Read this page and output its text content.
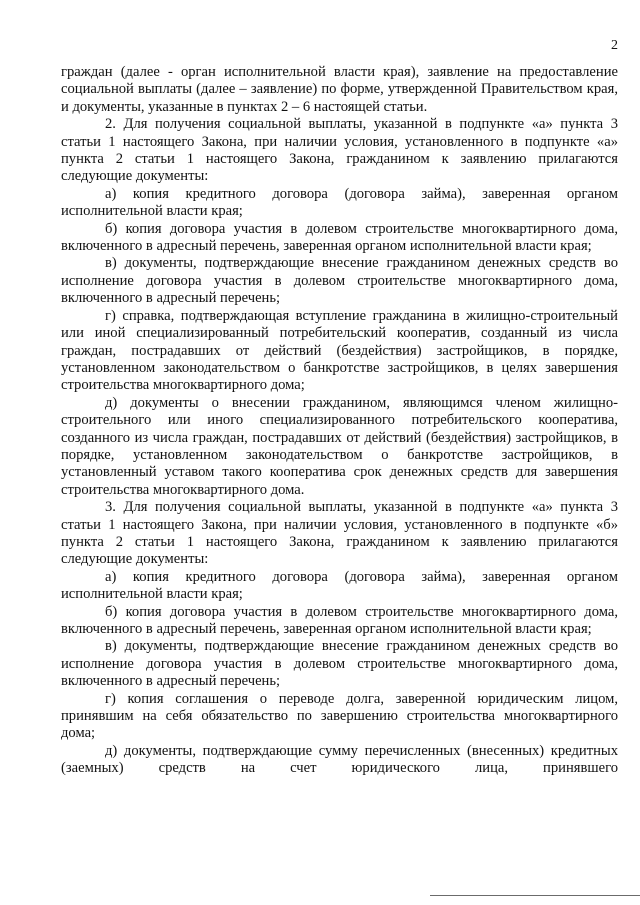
2

граждан (далее - орган исполнительной власти края), заявление на предоставление социальной выплаты (далее – заявление) по форме, утвержденной Правительством края, и документы, указанные в пунктах 2 – 6 настоящей статьи.

2. Для получения социальной выплаты, указанной в подпункте «а» пункта 3 статьи 1 настоящего Закона, при наличии условия, установленного в подпункте «а» пункта 2 статьи 1 настоящего Закона, гражданином к заявлению прилагаются следующие документы:

а) копия кредитного договора (договора займа), заверенная органом исполнительной власти края;

б) копия договора участия в долевом строительстве многоквартирного дома, включенного в адресный перечень, заверенная органом исполнительной власти края;

в) документы, подтверждающие внесение гражданином денежных средств во исполнение договора участия в долевом строительстве многоквартирного дома, включенного в адресный перечень;

г) справка, подтверждающая вступление гражданина в жилищно-строительный или иной специализированный потребительский кооператив, созданный из числа граждан, пострадавших от действий (бездействия) застройщиков, в порядке, установленном законодательством о банкротстве застройщиков, в целях завершения строительства многоквартирного дома;

д) документы о внесении гражданином, являющимся членом жилищно-строительного или иного специализированного потребительского кооператива, созданного из числа граждан, пострадавших от действий (бездействия) застройщиков, в порядке, установленном законодательством о банкротстве застройщиков, в установленный уставом такого кооператива срок денежных средств для завершения строительства многоквартирного дома.

3. Для получения социальной выплаты, указанной в подпункте «а» пункта 3 статьи 1 настоящего Закона, при наличии условия, установленного в подпункте «б» пункта 2 статьи 1 настоящего Закона, гражданином к заявлению прилагаются следующие документы:

а) копия кредитного договора (договора займа), заверенная органом исполнительной власти края;

б) копия договора участия в долевом строительстве многоквартирного дома, включенного в адресный перечень, заверенная органом исполнительной власти края;

в) документы, подтверждающие внесение гражданином денежных средств во исполнение договора участия в долевом строительстве многоквартирного дома, включенного в адресный перечень;

г) копия соглашения о переводе долга, заверенной юридическим лицом, принявшим на себя обязательство по завершению строительства многоквартирного дома;

д) документы, подтверждающие сумму перечисленных (внесенных) кредитных (заемных) средств на счет юридического лица, принявшего
